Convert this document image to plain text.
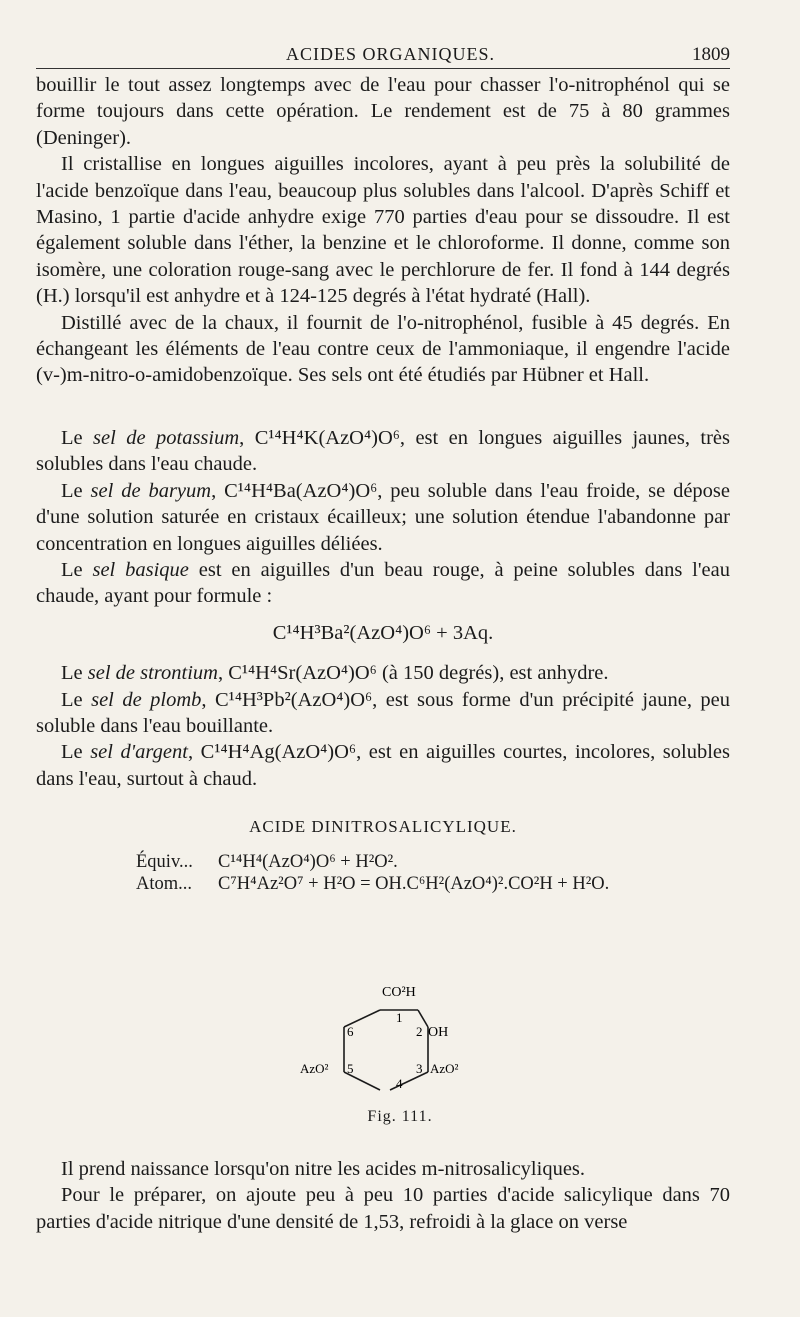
ACIDES ORGANIQUES.	1809

bouillir le tout assez longtemps avec de l'eau pour chasser l'o-nitrophénol qui se forme toujours dans cette opération. Le rendement est de 75 à 80 grammes (Deninger).

Il cristallise en longues aiguilles incolores, ayant à peu près la solubilité de l'acide benzoïque dans l'eau, beaucoup plus solubles dans l'alcool. D'après Schiff et Masino, 1 partie d'acide anhydre exige 770 parties d'eau pour se dissoudre. Il est également soluble dans l'éther, la benzine et le chloroforme. Il donne, comme son isomère, une coloration rouge-sang avec le perchlorure de fer. Il fond à 144 degrés (H.) lorsqu'il est anhydre et à 124-125 degrés à l'état hydraté (Hall).

Distillé avec de la chaux, il fournit de l'o-nitrophénol, fusible à 45 degrés. En échangeant les éléments de l'eau contre ceux de l'ammoniaque, il engendre l'acide (v-)m-nitro-o-amidobenzoïque. Ses sels ont été étudiés par Hübner et Hall.

Le sel de potassium, C¹⁴H⁴K(AzO⁴)O⁶, est en longues aiguilles jaunes, très solubles dans l'eau chaude.

Le sel de baryum, C¹⁴H⁴Ba(AzO⁴)O⁶, peu soluble dans l'eau froide, se dépose d'une solution saturée en cristaux écailleux; une solution étendue l'abandonne par concentration en longues aiguilles déliées.

Le sel basique est en aiguilles d'un beau rouge, à peine solubles dans l'eau chaude, ayant pour formule :

C¹⁴H³Ba²(AzO⁴)O⁶ + 3Aq.

Le sel de strontium, C¹⁴H⁴Sr(AzO⁴)O⁶ (à 150 degrés), est anhydre.

Le sel de plomb, C¹⁴H³Pb²(AzO⁴)O⁶, est sous forme d'un précipité jaune, peu soluble dans l'eau bouillante.

Le sel d'argent, C¹⁴H⁴Ag(AzO⁴)O⁶, est en aiguilles courtes, incolores, solubles dans l'eau, surtout à chaud.

ACIDE DINITROSALICYLIQUE.
Équiv... C¹⁴H⁴(AzO⁴)O⁶ + H²O².
Atom... C⁷H⁴Az²O⁷ + H²O = OH.C⁶H²(AzO⁴)².CO²H + H²O.
CO²H
OH
AzO²	AzO²
1
2
3
4
5
6
Fig. 111.

Il prend naissance lorsqu'on nitre les acides m-nitrosalicyliques.

Pour le préparer, on ajoute peu à peu 10 parties d'acide salicylique dans 70 parties d'acide nitrique d'une densité de 1,53, refroidi à la glace on verse
